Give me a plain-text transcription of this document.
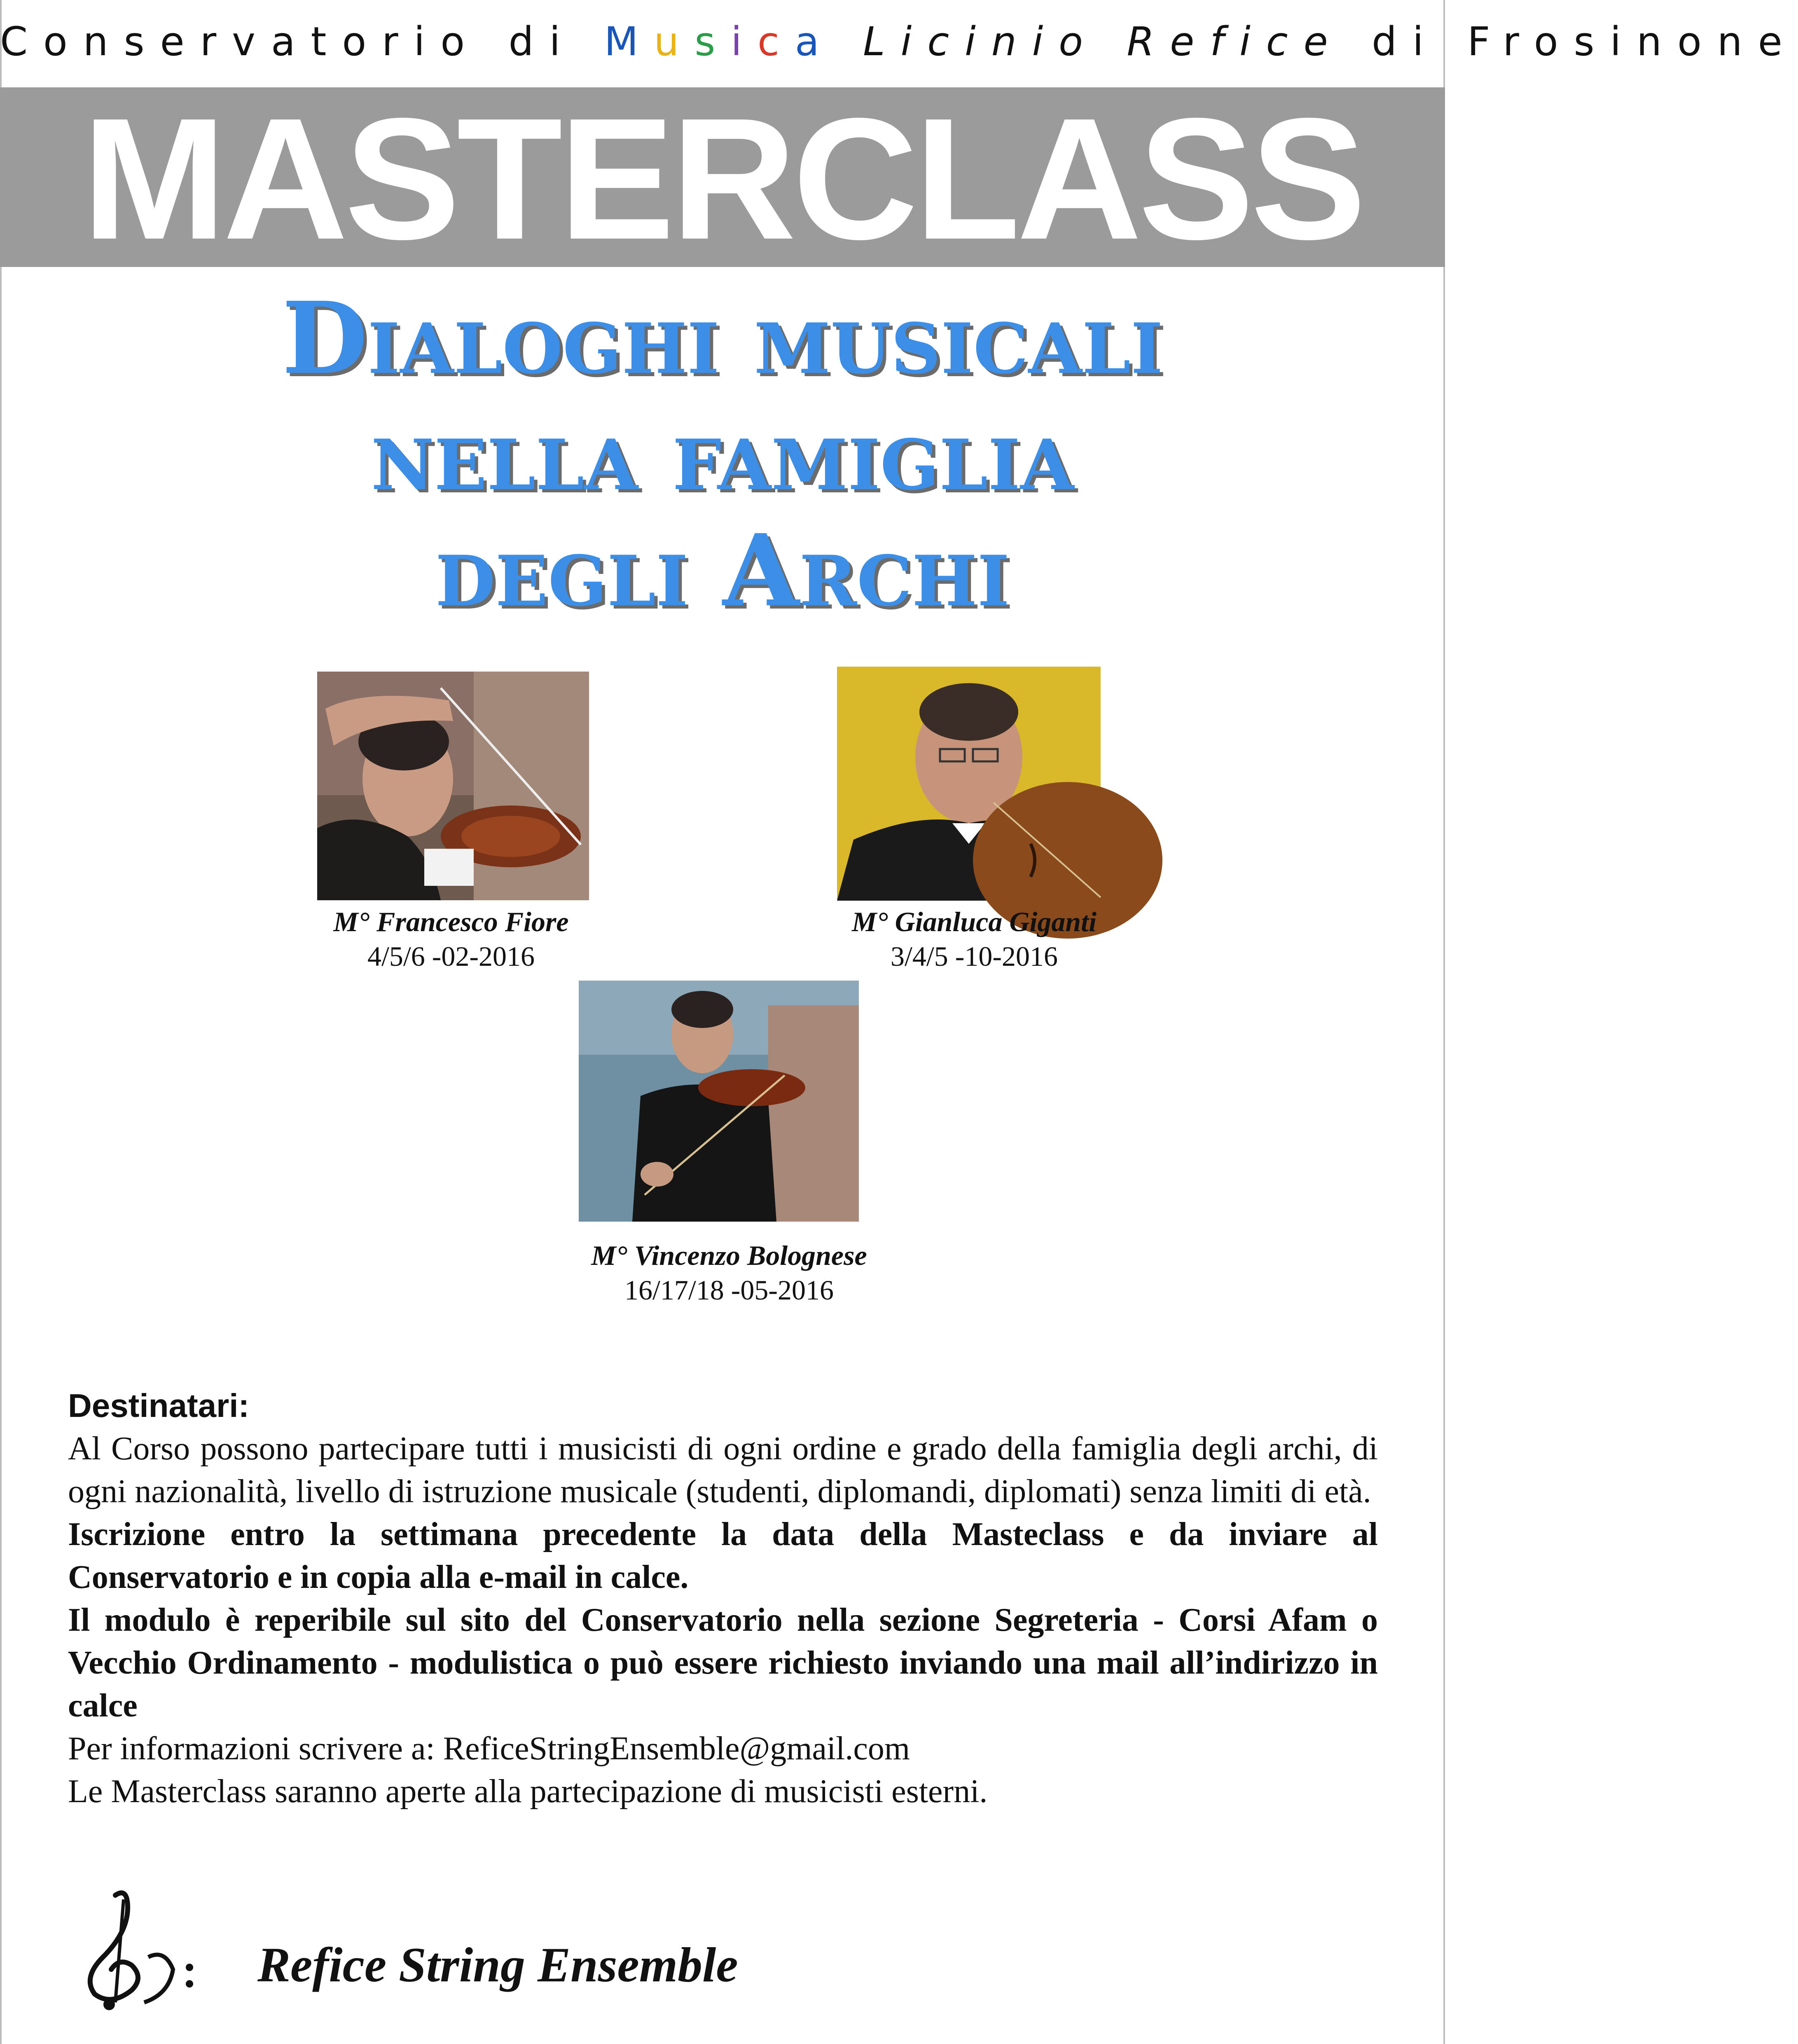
Conservatorio di Musica Licinio Refice di Frosinone
MASTERCLASS
Dialoghi musicali
nella famiglia
degli Archi
M° Francesco Fiore
4/5/6 -02-2016
M° Gianluca Giganti
3/4/5 -10-2016
M° Vincenzo Bolognese
16/17/18 -05-2016

Destinatari:

Al Corso possono partecipare tutti i musicisti di ogni ordine e grado della famiglia degli archi, di ogni nazionalità, livello di istruzione musicale (studenti, diplomandi, diplomati) senza limiti di età.

Iscrizione entro la settimana precedente la data della Masteclass e da inviare al Conservatorio e in copia alla e-mail in calce.

Il modulo è reperibile sul sito del Conservatorio nella sezione Segreteria - Corsi Afam o Vecchio Ordinamento - modulistica o può essere richiesto inviando una mail all’indirizzo in calce

Per informazioni scrivere a: ReficeStringEnsemble@gmail.com

Le Masterclass saranno aperte alla partecipazione di musicisti esterni.

Refice String Ensemble
